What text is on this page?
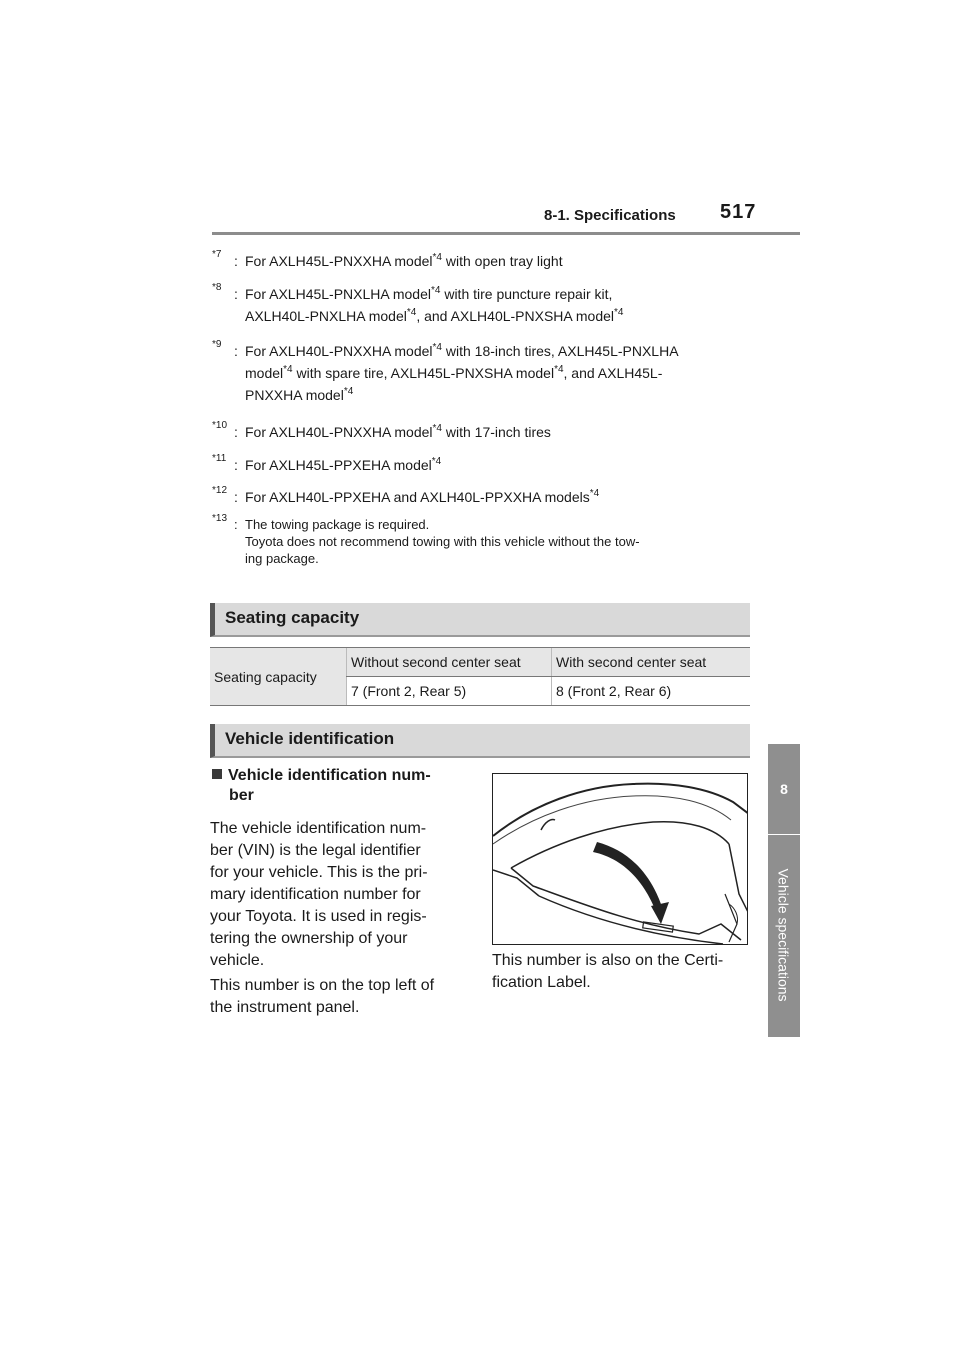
8-1. Specifications 517
8
Vehicle specifications
*7 : For AXLH45L-PNXXHA model$^{*4}$ with open tray light
*8 : For AXLH45L-PNXLHA model$^{*4}$ with tire puncture repair kit,
AXLH40L-PNXLHA model$^{*4}$, and AXLH40L-PNXSHA model$^{*4}$
*9 : For AXLH40L-PNXXHA model$^{*4}$ with 18-inch tires, AXLH45L-PNXLHA
model$^{*4}$ with spare tire, AXLH45L-PNXSHA model$^{*4}$, and AXLH45L-
PNXXHA model$^{*4}$
*10 : For AXLH40L-PNXXHA model$^{*4}$ with 17-inch tires
*11 : For AXLH45L-PPXEHA model$^{*4}$
*12 : For AXLH40L-PPXEHA and AXLH40L-PPXXHA models$^{*4}$
*13 : The towing package is required.
Toyota does not recommend towing with this vehicle without the tow-
ing package.
Seating capacity
Seating capacity	Without second center seat	With second center seat
	7 (Front 2, Rear 5)	8 (Front 2, Rear 6)
Vehicle identification
Vehicle identification num-
ber
The vehicle identification num-
ber (VIN) is the legal identifier
for your vehicle. This is the pri-
mary identification number for
your Toyota. It is used in regis-
tering the ownership of your
vehicle.
This number is on the top left of
the instrument panel.
This number is also on the Certi-
fication Label.
